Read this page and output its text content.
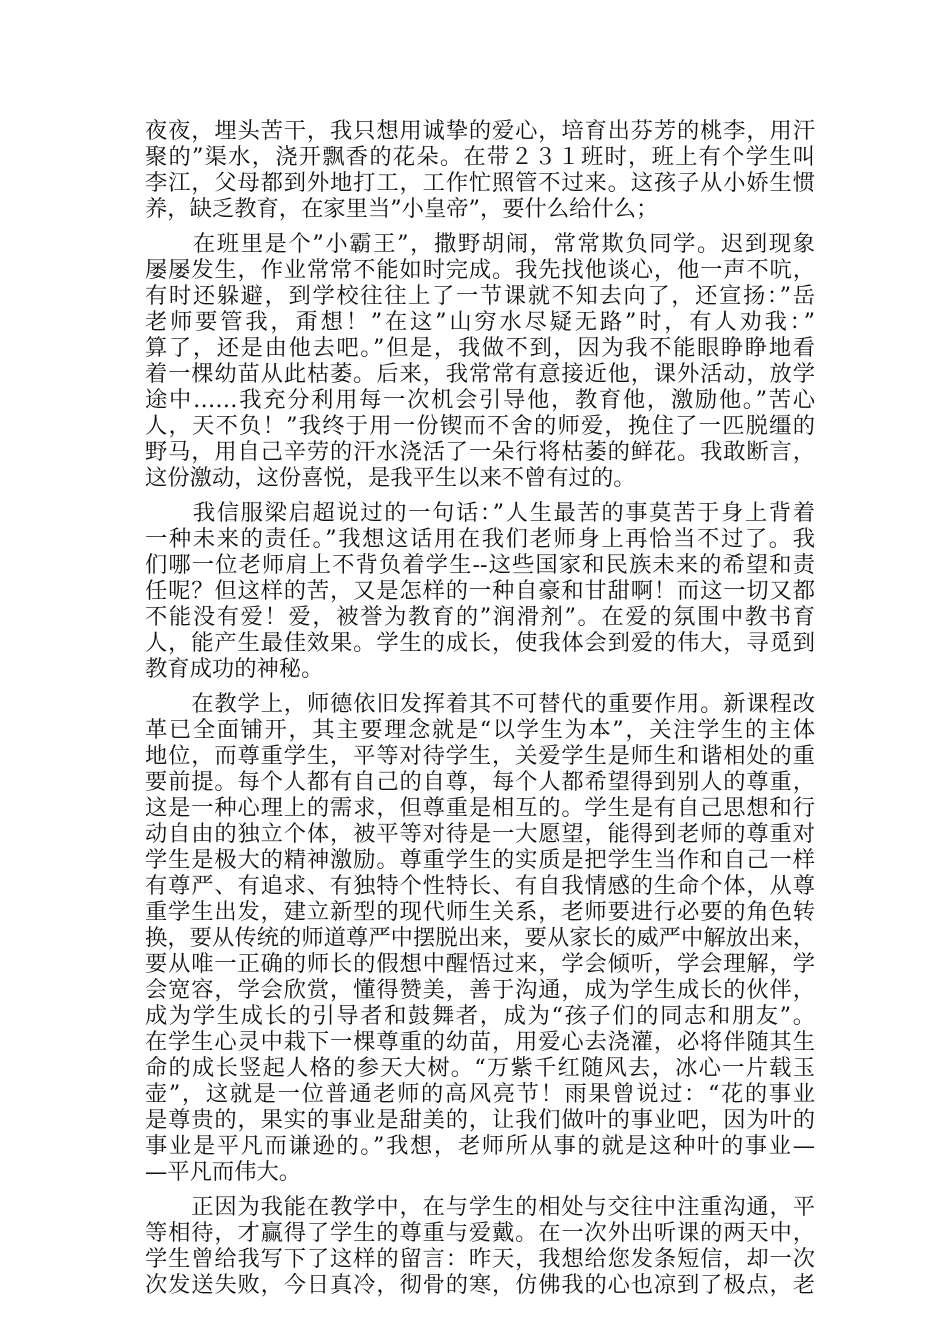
夜夜，埋头苦干，我只想用诚挚的爱心，培育出芬芳的桃李，用汗
聚的”渠水，浇开飘香的花朵。在带２３１班时，班上有个学生叫
李江，父母都到外地打工，工作忙照管不过来。这孩子从小娇生惯
养，缺乏教育，在家里当”小皇帝”，要什么给什么；
　　在班里是个”小霸王”，撒野胡闹，常常欺负同学。迟到现象
屡屡发生，作业常常不能如时完成。我先找他谈心，他一声不吭，
有时还躲避，到学校往往上了一节课就不知去向了，还宣扬：”岳
老师要管我，甭想！”在这”山穷水尽疑无路”时，有人劝我：”
算了，还是由他去吧。”但是，我做不到，因为我不能眼睁睁地看
着一棵幼苗从此枯萎。后来，我常常有意接近他，课外活动，放学
途中……我充分利用每一次机会引导他，教育他，激励他。”苦心
人，天不负！”我终于用一份锲而不舍的师爱，挽住了一匹脱缰的
野马，用自己辛劳的汗水浇活了一朵行将枯萎的鲜花。我敢断言，
这份激动，这份喜悦，是我平生以来不曾有过的。
　　我信服梁启超说过的一句话：”人生最苦的事莫苦于身上背着
一种未来的责任。”我想这话用在我们老师身上再恰当不过了。我
们哪一位老师肩上不背负着学生--这些国家和民族未来的希望和责
任呢？但这样的苦，又是怎样的一种自豪和甘甜啊！而这一切又都
不能没有爱！爱，被誉为教育的”润滑剂”。在爱的氛围中教书育
人，能产生最佳效果。学生的成长，使我体会到爱的伟大，寻觅到
教育成功的神秘。
　　在教学上，师德依旧发挥着其不可替代的重要作用。新课程改
革已全面铺开，其主要理念就是“以学生为本”，关注学生的主体
地位，而尊重学生，平等对待学生，关爱学生是师生和谐相处的重
要前提。每个人都有自己的自尊，每个人都希望得到别人的尊重，
这是一种心理上的需求，但尊重是相互的。学生是有自己思想和行
动自由的独立个体，被平等对待是一大愿望，能得到老师的尊重对
学生是极大的精神激励。尊重学生的实质是把学生当作和自己一样
有尊严、有追求、有独特个性特长、有自我情感的生命个体，从尊
重学生出发，建立新型的现代师生关系，老师要进行必要的角色转
换，要从传统的师道尊严中摆脱出来，要从家长的威严中解放出来，
要从唯一正确的师长的假想中醒悟过来，学会倾听，学会理解，学
会宽容，学会欣赏，懂得赞美，善于沟通，成为学生成长的伙伴，
成为学生成长的引导者和鼓舞者，成为“孩子们的同志和朋友”。
在学生心灵中栽下一棵尊重的幼苗，用爱心去浇灌，必将伴随其生
命的成长竖起人格的参天大树。“万紫千红随风去，冰心一片载玉
壶”，这就是一位普通老师的高风亮节！雨果曾说过：“花的事业
是尊贵的，果实的事业是甜美的，让我们做叶的事业吧，因为叶的
事业是平凡而谦逊的。”我想，老师所从事的就是这种叶的事业—
—平凡而伟大。
　　正因为我能在教学中，在与学生的相处与交往中注重沟通，平
等相待，才赢得了学生的尊重与爱戴。在一次外出听课的两天中，
学生曾给我写下了这样的留言：昨天，我想给您发条短信，却一次
次发送失败，今日真冷，彻骨的寒，仿佛我的心也凉到了极点，老
